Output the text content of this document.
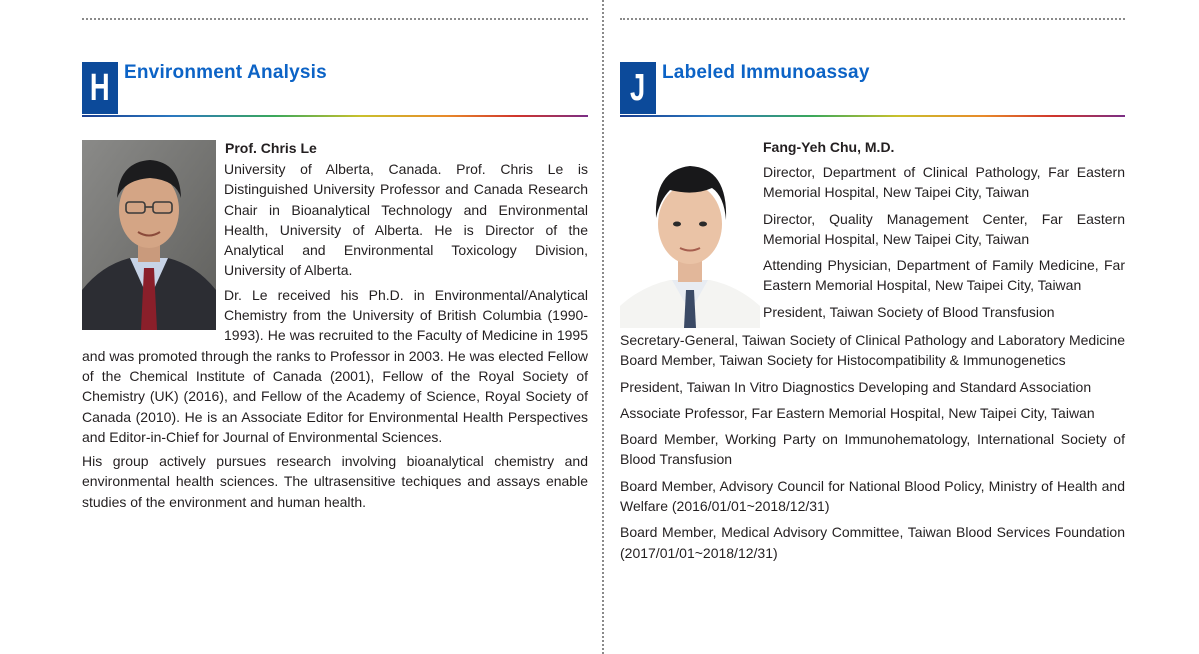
H Environment Analysis
Prof. Chris Le

University of Alberta, Canada. Prof. Chris Le is Distinguished University Professor and Canada Research Chair in Bioanalytical Technology and Environmental Health, University of Alberta. He is Director of the Analytical and Environmental Toxicology Division, University of Alberta.

Dr. Le received his Ph.D. in Environmental/Analytical Chemistry from the University of British Columbia (1990-1993). He was recruited to the Faculty of Medicine in 1995 and was promoted through the ranks to Professor in 2003. He was elected Fellow of the Chemical Institute of Canada (2001), Fellow of the Royal Society of Chemistry (UK) (2016), and Fellow of the Academy of Science, Royal Society of Canada (2010). He is an Associate Editor for Environmental Health Perspectives and Editor-in-Chief for Journal of Environmental Sciences.

His group actively pursues research involving bioanalytical chemistry and environmental health sciences. The ultrasensitive techiques and assays enable studies of the environment and human health.

J Labeled Immunoassay
Fang-Yeh Chu, M.D.

Director, Department of Clinical Pathology, Far Eastern Memorial Hospital, New Taipei City, Taiwan

Director, Quality Management Center, Far Eastern Memorial Hospital, New Taipei City, Taiwan

Attending Physician, Department of Family Medicine, Far Eastern Memorial Hospital, New Taipei City, Taiwan

President, Taiwan Society of Blood Transfusion

Secretary-General, Taiwan Society of Clinical Pathology and Laboratory Medicine Board Member, Taiwan Society for Histocompatibility & Immunogenetics

President, Taiwan In Vitro Diagnostics Developing and Standard Association

Associate Professor, Far Eastern Memorial Hospital, New Taipei City, Taiwan

Board Member, Working Party on Immunohematology, International Society of Blood Transfusion

Board Member, Advisory Council for National Blood Policy, Ministry of Health and Welfare (2016/01/01~2018/12/31)

Board Member, Medical Advisory Committee, Taiwan Blood Services Foundation (2017/01/01~2018/12/31)
